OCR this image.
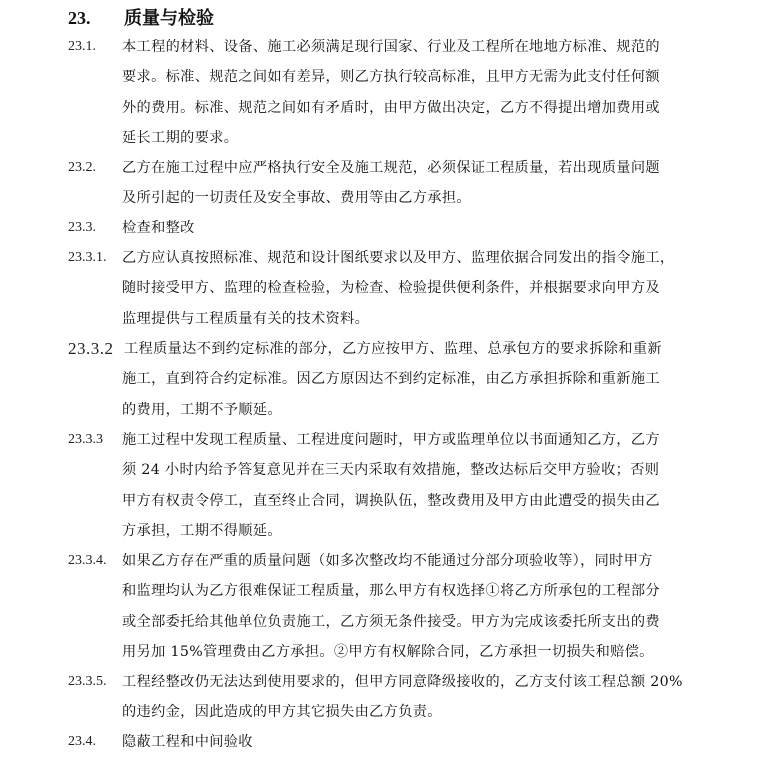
23. 质量与检验
23.1. 本工程的材料、设备、施工必须满足现行国家、行业及工程所在地地方标准、规范的
要求。标准、规范之间如有差异，则乙方执行较高标准，且甲方无需为此支付任何额
外的费用。标准、规范之间如有矛盾时，由甲方做出决定，乙方不得提出增加费用或
延长工期的要求。
23.2. 乙方在施工过程中应严格执行安全及施工规范，必须保证工程质量，若出现质量问题
及所引起的一切责任及安全事故、费用等由乙方承担。
23.3. 检查和整改
23.3.1. 乙方应认真按照标准、规范和设计图纸要求以及甲方、监理依据合同发出的指令施工，
随时接受甲方、监理的检查检验，为检查、检验提供便利条件，并根据要求向甲方及
监理提供与工程质量有关的技术资料。
23.3.2 工程质量达不到约定标准的部分，乙方应按甲方、监理、总承包方的要求拆除和重新
施工，直到符合约定标准。因乙方原因达不到约定标准，由乙方承担拆除和重新施工
的费用，工期不予顺延。
23.3.3 施工过程中发现工程质量、工程进度问题时，甲方或监理单位以书面通知乙方，乙方
须 24 小时内给予答复意见并在三天内采取有效措施，整改达标后交甲方验收；否则
甲方有权责令停工，直至终止合同，调换队伍，整改费用及甲方由此遭受的损失由乙
方承担，工期不得顺延。
23.3.4. 如果乙方存在严重的质量问题（如多次整改均不能通过分部分项验收等），同时甲方
和监理均认为乙方很难保证工程质量，那么甲方有权选择①将乙方所承包的工程部分
或全部委托给其他单位负责施工，乙方须无条件接受。甲方为完成该委托所支出的费
用另加 15%管理费由乙方承担。②甲方有权解除合同，乙方承担一切损失和赔偿。
23.3.5. 工程经整改仍无法达到使用要求的，但甲方同意降级接收的，乙方支付该工程总额 20%
的违约金，因此造成的甲方其它损失由乙方负责。
23.4. 隐蔽工程和中间验收
